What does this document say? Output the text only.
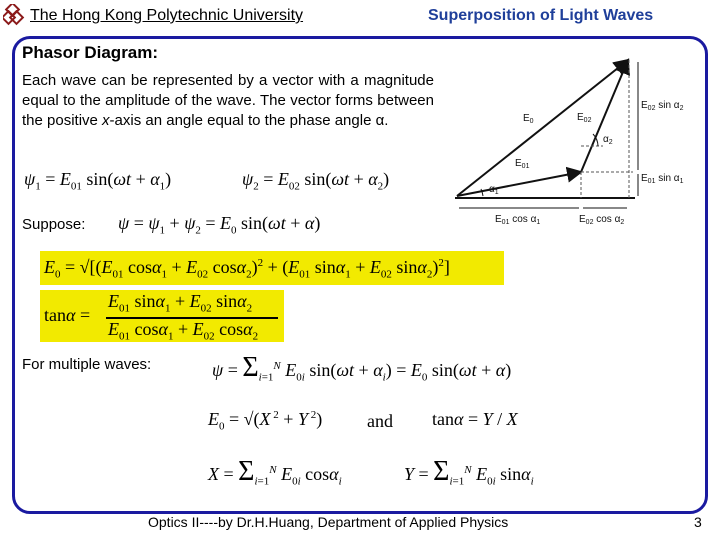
The Hong Kong Polytechnic University	Superposition of Light Waves
Phasor Diagram:
Each wave can be represented by a vector with a magnitude equal to the amplitude of the wave. The vector forms between the positive x-axis an angle equal to the phase angle α.
$\psi_1 = E_{01}$ $\sin(\omega t + \alpha_1)$	$\psi_2 = E_{02}$ $\sin(\omega t + \alpha_2)$
Suppose: $\psi = \psi_1 + \psi_2 = E_0$ sin(ωt + α)
$E_0 = √[(E_{01}$ $\cos\alpha_1 + E_{02}$ $\cos\alpha_2)^2 + (E_{01}$ $\sin\alpha_1 + E_{02}$ sinα$_2$)$^2$]
tanα =
$E_{01}$ $\sin\alpha_1 + E_{02}$ sinα$_2$
$E_{01}$ $\cos\alpha_1 + E_{02}$ cosα$_2$
For multiple waves:	$\psi = \Sigma_{i=1}^N$ $E_{0i}$ $\sin(\omega t + \alpha_i) = E_0$ sin(ωt + α)
$E_0 = √(X$ $^2$ + Y $^2$) and tanα = Y / X
$X = \Sigma_{i=1}^N$ $E_{0i}$ cosα$_i$	$Y = \Sigma_{i=1}^N$ $E_{0i}$ sinα$_i$
$E_0$	$E_{02}$
$E_{01}$
$\alpha_1$
$\alpha_2$
$E_{02}$ $\sin \alpha_2$
$E_{01}$ $\sin \alpha_1$
$E_{01}$ $\cos \alpha_1$	$E_{02}$ $\cos \alpha_2$
Optics II----by Dr.H.Huang, Department of Applied Physics	3
